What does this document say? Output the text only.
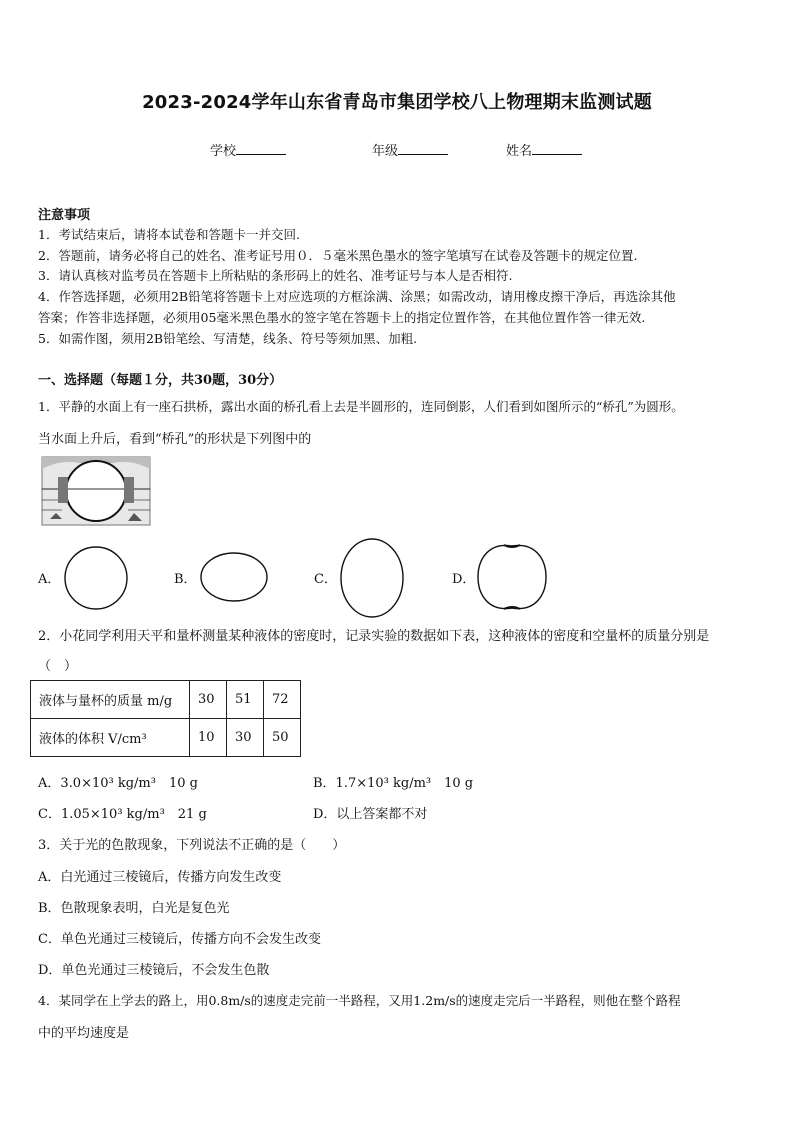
2023-2024学年山东省青岛市集团学校八上物理期末监测试题
学校	年级	姓名
注意事项
1．考试结束后，请将本试卷和答题卡一并交回.
2．答题前，请务必将自己的姓名、准考证号用０．５毫米黑色墨水的签字笔填写在试卷及答题卡的规定位置.
3．请认真核对监考员在答题卡上所粘贴的条形码上的姓名、准考证号与本人是否相符.
4．作答选择题，必须用2B铅笔将答题卡上对应选项的方框涂满、涂黑；如需改动，请用橡皮擦干净后，再选涂其他
答案；作答非选择题，必须用05毫米黑色墨水的签字笔在答题卡上的指定位置作答，在其他位置作答一律无效.
5．如需作图，须用2B铅笔绘、写清楚，线条、符号等须加黑、加粗.
一、选择题（每题１分，共30题，30分）
1．平静的水面上有一座石拱桥，露出水面的桥孔看上去是半圆形的，连同倒影，人们看到如图所示的“桥孔”为圆形。
当水面上升后，看到“桥孔”的形状是下列图中的
A．	B．	C．	D．
2．小花同学利用天平和量杯测量某种液体的密度时，记录实验的数据如下表，这种液体的密度和空量杯的质量分别是
（　）
液体与量杯的质量 m/g	30	51	72
液体的体积 V/cm³	10	30	50
A．3.0×10³ kg/m³　10 g	B．1.7×10³ kg/m³　10 g
C．1.05×10³ kg/m³　21 g	D．以上答案都不对
3．关于光的色散现象，下列说法不正确的是（　　）
A．白光通过三棱镜后，传播方向发生改变
B．色散现象表明，白光是复色光
C．单色光通过三棱镜后，传播方向不会发生改变
D．单色光通过三棱镜后，不会发生色散
4．某同学在上学去的路上，用0.8m/s的速度走完前一半路程，又用1.2m/s的速度走完后一半路程，则他在整个路程
中的平均速度是
